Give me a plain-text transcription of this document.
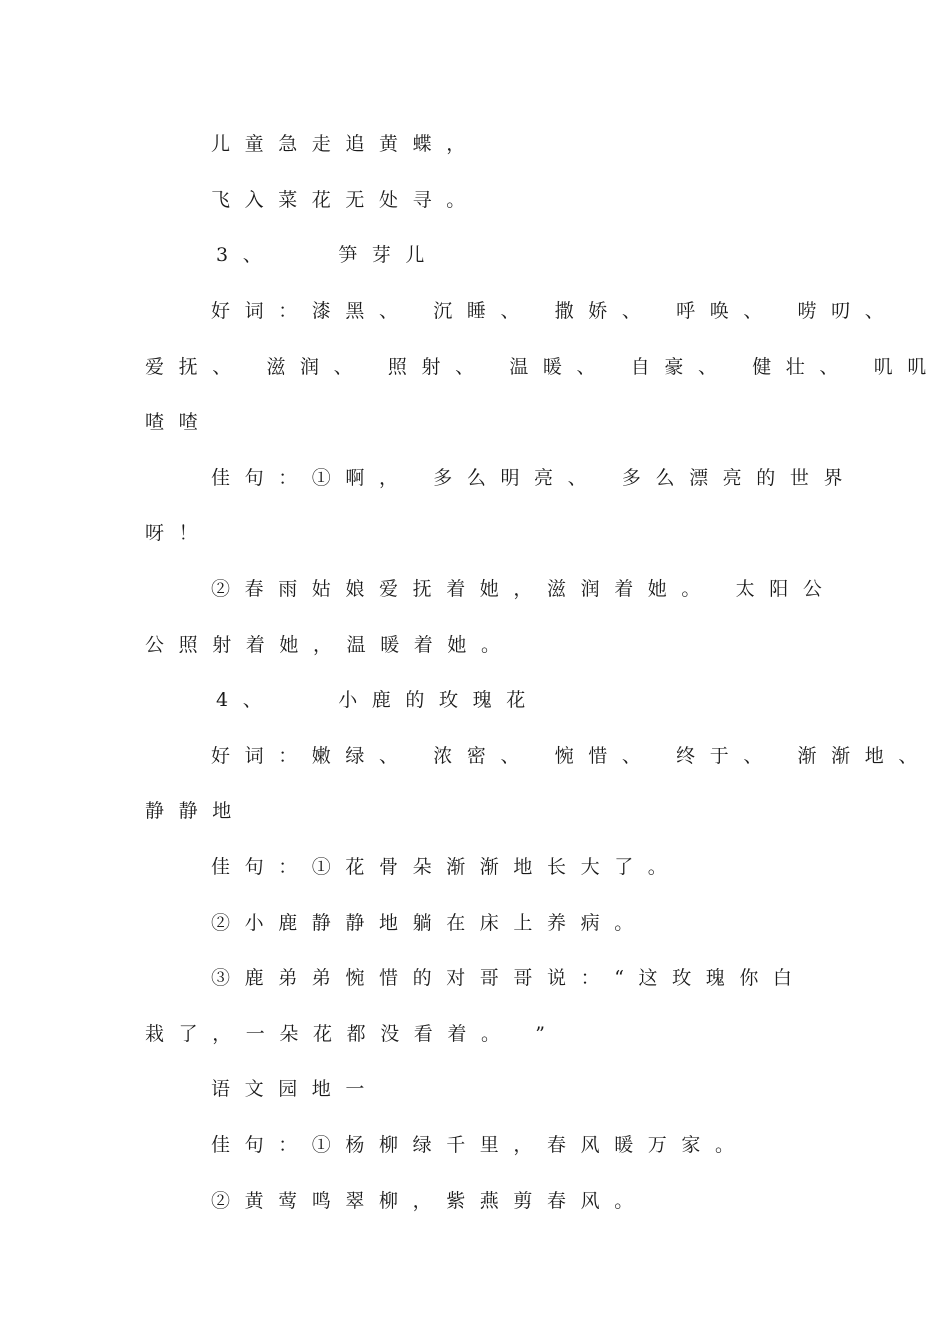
儿童急走追黄蝶，
飞入菜花无处寻。
3、   笋芽儿
好词：漆黑、 沉睡、 撒娇、 呼唤、 唠叨、
爱抚、 滋润、 照射、 温暖、 自豪、 健壮、 叽叽
喳喳
佳句：①啊， 多么明亮、 多么漂亮的世界
呀！
②春雨姑娘爱抚着她，滋润着她。 太阳公
公照射着她，温暖着她。
4、   小鹿的玫瑰花
好词：嫩绿、 浓密、 惋惜、 终于、 渐渐地、
静静地
佳句：①花骨朵渐渐地长大了。
②小鹿静静地躺在床上养病。
③鹿弟弟惋惜的对哥哥说：“这玫瑰你白
栽了，一朵花都没看着。 ”
语文园地一
佳句：①杨柳绿千里，春风暖万家。
②黄莺鸣翠柳，紫燕剪春风。
